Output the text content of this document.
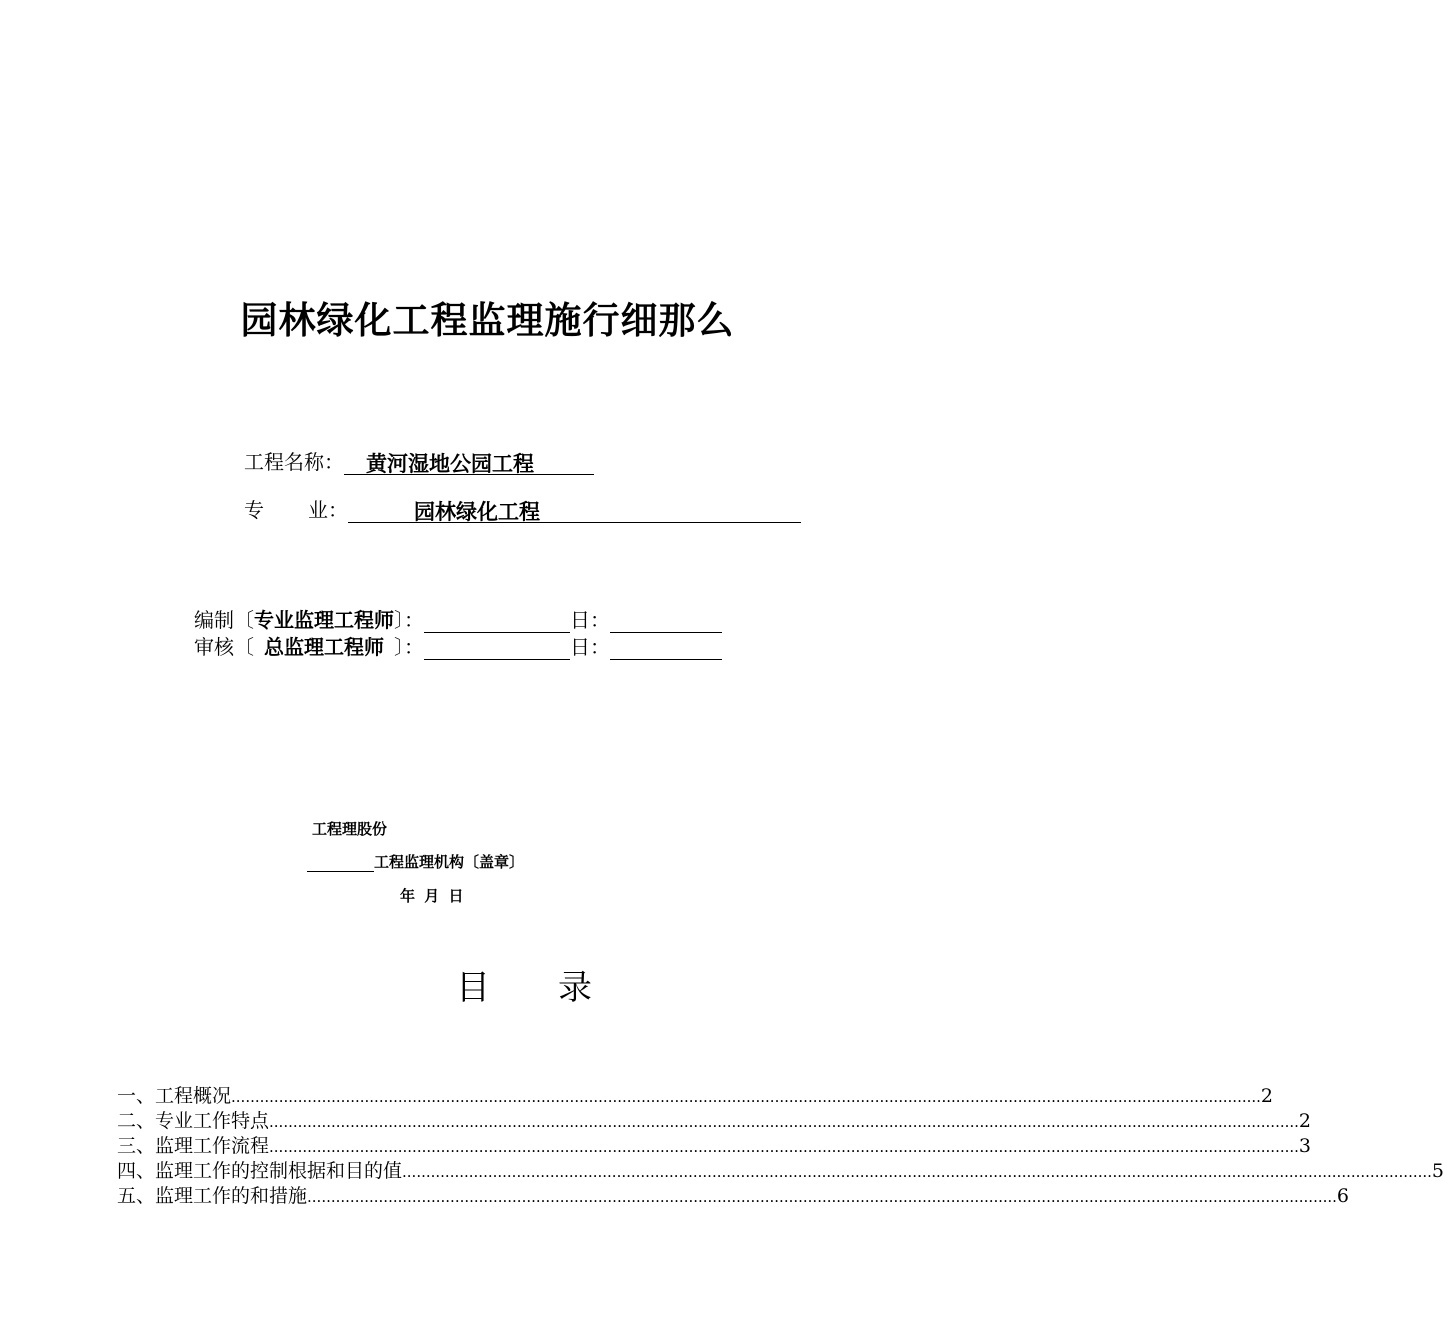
园林绿化工程监理施行细那么
工程名称： 黄河湿地公园工程
专 业：	园林绿化工程
编制〔专业监理工程师〕：	日：
审核〔 总监理工程师 〕：	日：
工程理股份
工程监理机构〔盖章〕
年 月 日
目 录
一、工程概况 ........................................................................................................................................................................................................................ 2
二、专业工作特点 ........................................................................................................................................................................................................................ 2
三、监理工作流程 ........................................................................................................................................................................................................................ 3
四、监理工作的控制根据和目的值 ........................................................................................................................................................................................................................ 5
五、监理工作的和措施 ........................................................................................................................................................................................................................ 6
